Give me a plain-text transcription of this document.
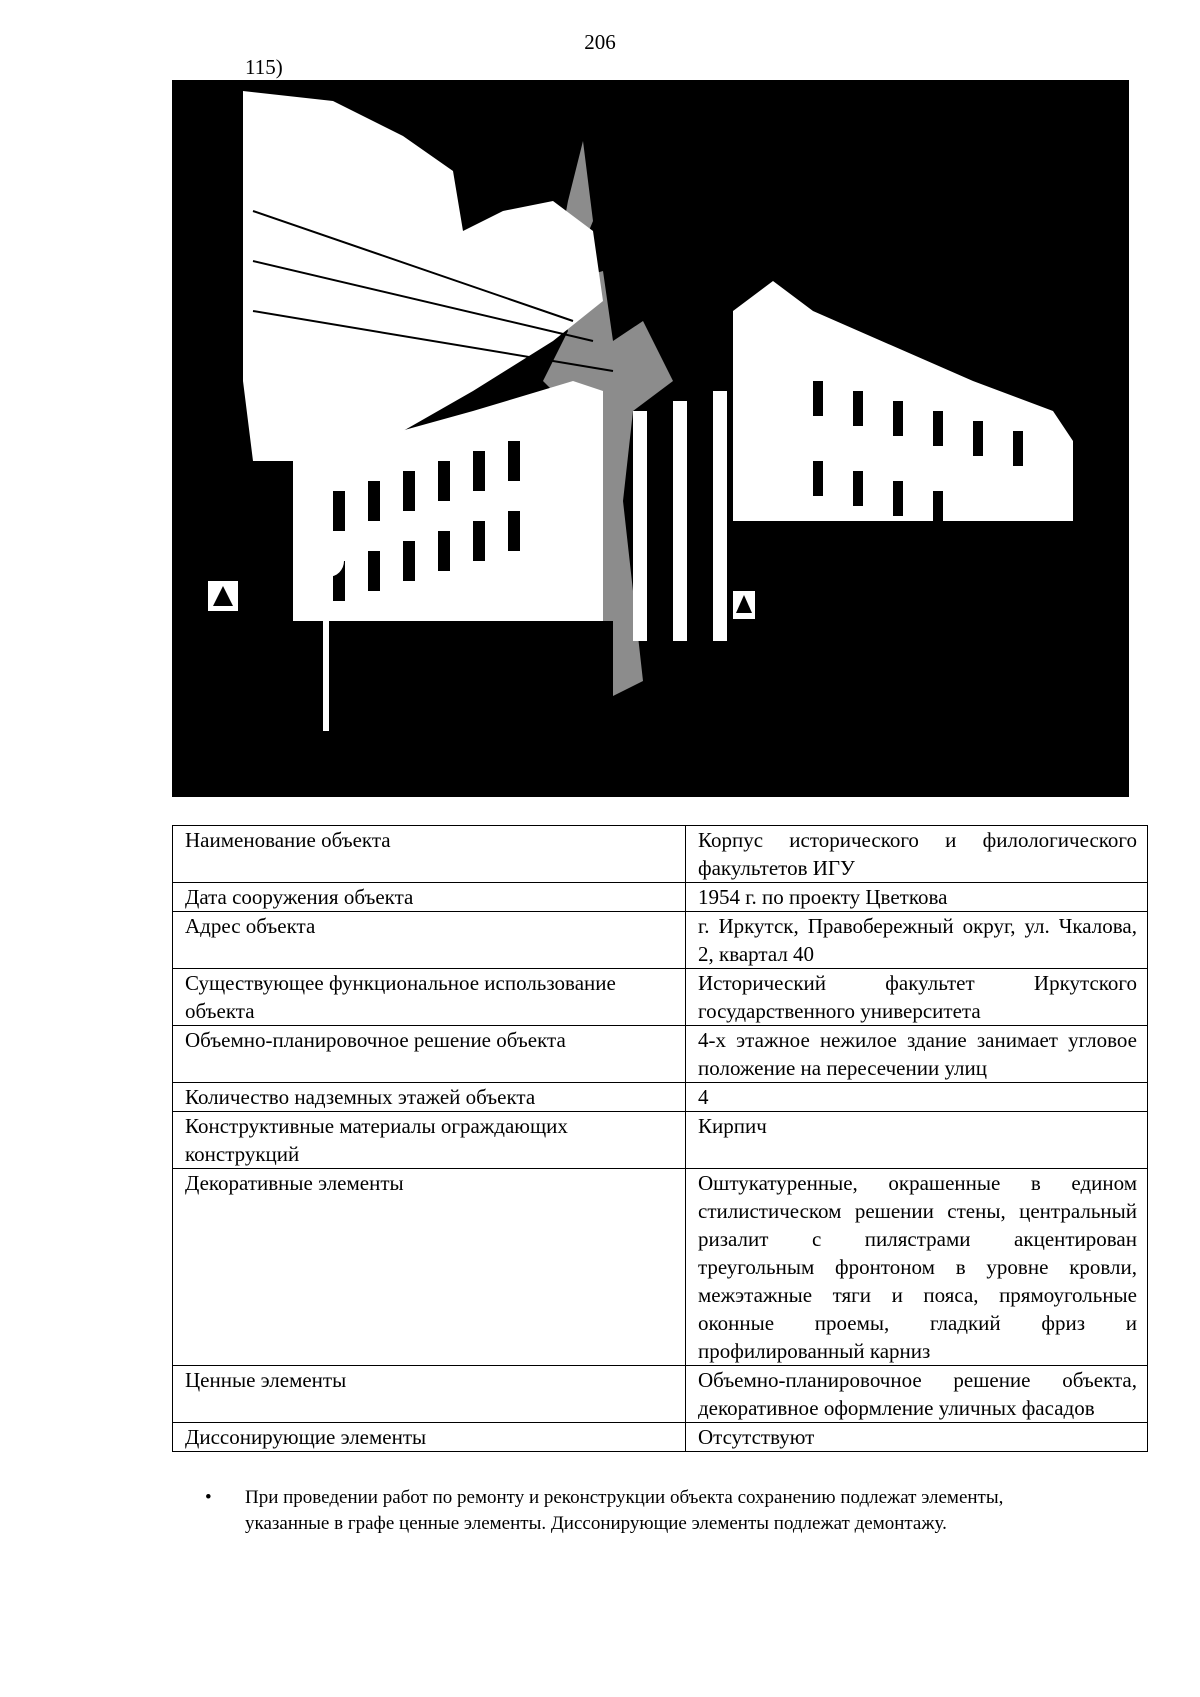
206
115)
Наименование объекта	Корпус исторического и филологического факультетов ИГУ
Дата сооружения объекта	1954 г. по проекту Цветкова
Адрес объекта	г. Иркутск, Правобережный округ, ул. Чкалова, 2, квартал 40
Существующее функциональное использование объекта	Исторический факультет Иркутского государственного университета
Объемно-планировочное решение объекта	4-х этажное нежилое здание занимает угловое положение на пересечении улиц
Количество надземных этажей объекта	4
Конструктивные материалы ограждающих конструкций	Кирпич
Декоративные элементы	Оштукатуренные, окрашенные в едином стилистическом решении стены, центральный ризалит с пилястрами акцентирован треугольным фронтоном в уровне кровли, межэтажные тяги и пояса, прямоугольные оконные проемы, гладкий фриз и профилированный карниз
Ценные элементы	Объемно-планировочное решение объекта, декоративное оформление уличных фасадов
Диссонирующие элементы	Отсутствуют
•	При проведении работ по ремонту и реконструкции объекта сохранению подлежат элементы, указанные в графе ценные элементы. Диссонирующие элементы подлежат демонтажу.
